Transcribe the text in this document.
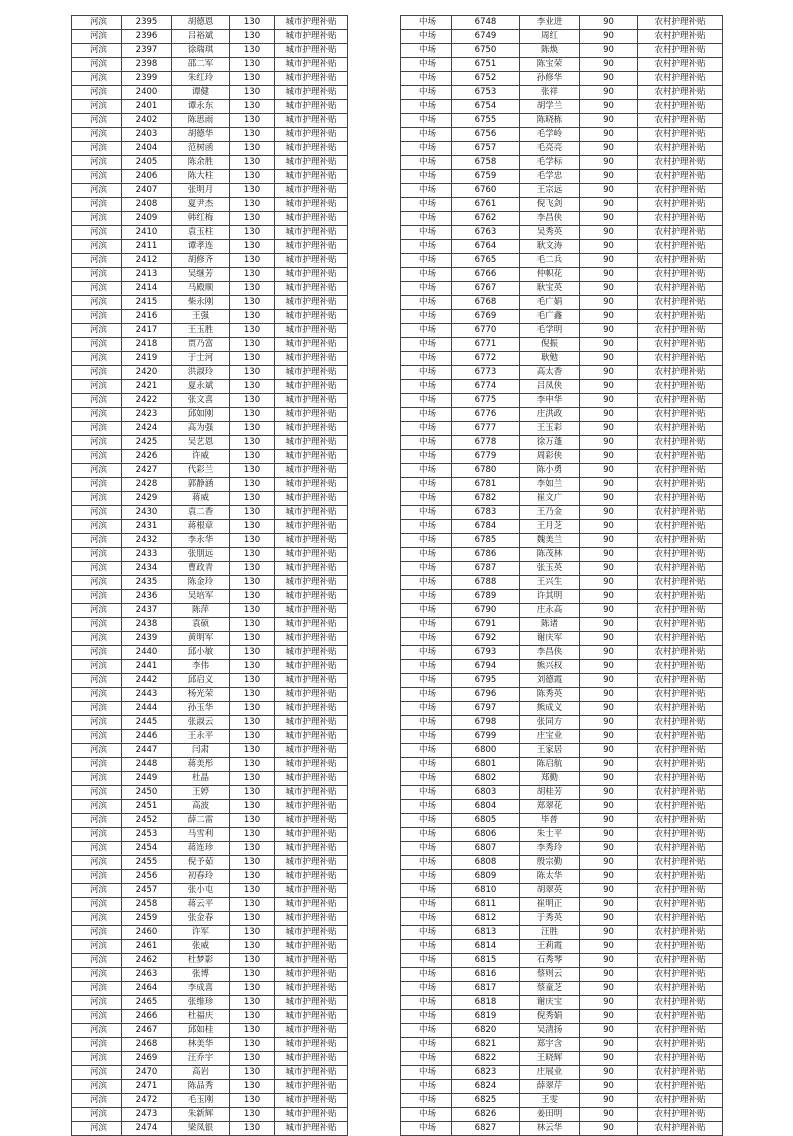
河滨	2395	胡德恩	130	城市护理补贴
河滨	2396	吕裕斌	130	城市护理补贴
河滨	2397	徐瑞琪	130	城市护理补贴
河滨	2398	邵二军	130	城市护理补贴
河滨	2399	朱红玲	130	城市护理补贴
河滨	2400	谭健	130	城市护理补贴
河滨	2401	谭永东	130	城市护理补贴
河滨	2402	陈思雨	130	城市护理补贴
河滨	2403	胡德华	130	城市护理补贴
河滨	2404	范树函	130	城市护理补贴
河滨	2405	陈余胜	130	城市护理补贴
河滨	2406	陈大柱	130	城市护理补贴
河滨	2407	张明月	130	城市护理补贴
河滨	2408	夏尹杰	130	城市护理补贴
河滨	2409	韩红梅	130	城市护理补贴
河滨	2410	袁玉柱	130	城市护理补贴
河滨	2411	谭孝连	130	城市护理补贴
河滨	2412	胡修齐	130	城市护理补贴
河滨	2413	吴继芳	130	城市护理补贴
河滨	2414	马殿顺	130	城市护理补贴
河滨	2415	柴永刚	130	城市护理补贴
河滨	2416	王强	130	城市护理补贴
河滨	2417	王玉胜	130	城市护理补贴
河滨	2418	贾乃富	130	城市护理补贴
河滨	2419	于士河	130	城市护理补贴
河滨	2420	洪淑玲	130	城市护理补贴
河滨	2421	夏永斌	130	城市护理补贴
河滨	2422	张文喜	130	城市护理补贴
河滨	2423	邱如刚	130	城市护理补贴
河滨	2424	高为强	130	城市护理补贴
河滨	2425	吴艺恩	130	城市护理补贴
河滨	2426	许威	130	城市护理补贴
河滨	2427	代彩兰	130	城市护理补贴
河滨	2428	郭静涵	130	城市护理补贴
河滨	2429	蒋威	130	城市护理补贴
河滨	2430	袁二香	130	城市护理补贴
河滨	2431	蒋根章	130	城市护理补贴
河滨	2432	李永华	130	城市护理补贴
河滨	2433	张朋远	130	城市护理补贴
河滨	2434	曹政青	130	城市护理补贴
河滨	2435	陈金玲	130	城市护理补贴
河滨	2436	吴培军	130	城市护理补贴
河滨	2437	陈萍	130	城市护理补贴
河滨	2438	袁硕	130	城市护理补贴
河滨	2439	黄明军	130	城市护理补贴
河滨	2440	邱小敏	130	城市护理补贴
河滨	2441	李伟	130	城市护理补贴
河滨	2442	邱启义	130	城市护理补贴
河滨	2443	杨光荣	130	城市护理补贴
河滨	2444	孙玉华	130	城市护理补贴
河滨	2445	张淑云	130	城市护理补贴
河滨	2446	王永平	130	城市护理补贴
河滨	2447	闫肃	130	城市护理补贴
河滨	2448	蒋美彤	130	城市护理补贴
河滨	2449	杜晶	130	城市护理补贴
河滨	2450	王婷	130	城市护理补贴
河滨	2451	高波	130	城市护理补贴
河滨	2452	薛二雷	130	城市护理补贴
河滨	2453	马雪利	130	城市护理补贴
河滨	2454	蒋连珍	130	城市护理补贴
河滨	2455	倪予茹	130	城市护理补贴
河滨	2456	初春玲	130	城市护理补贴
河滨	2457	张小屯	130	城市护理补贴
河滨	2458	蒋云平	130	城市护理补贴
河滨	2459	张金春	130	城市护理补贴
河滨	2460	许军	130	城市护理补贴
河滨	2461	张威	130	城市护理补贴
河滨	2462	杜梦影	130	城市护理补贴
河滨	2463	张博	130	城市护理补贴
河滨	2464	李成喜	130	城市护理补贴
河滨	2465	张维珍	130	城市护理补贴
河滨	2466	杜福庆	130	城市护理补贴
河滨	2467	邱如桂	130	城市护理补贴
河滨	2468	林美华	130	城市护理补贴
河滨	2469	汪乔宇	130	城市护理补贴
河滨	2470	高岩	130	城市护理补贴
河滨	2471	陈品秀	130	城市护理补贴
河滨	2472	毛玉刚	130	城市护理补贴
河滨	2473	朱新辉	130	城市护理补贴
河滨	2474	梁凤银	130	城市护理补贴
中场	6748	李业进	90	农村护理补贴
中场	6749	周红	90	农村护理补贴
中场	6750	陈焕	90	农村护理补贴
中场	6751	陈宝荣	90	农村护理补贴
中场	6752	孙修华	90	农村护理补贴
中场	6753	张祥	90	农村护理补贴
中场	6754	胡学兰	90	农村护理补贴
中场	6755	陈晓栋	90	农村护理补贴
中场	6756	毛学岭	90	农村护理补贴
中场	6757	毛亮亮	90	农村护理补贴
中场	6758	毛学标	90	农村护理补贴
中场	6759	毛学忠	90	农村护理补贴
中场	6760	王宗远	90	农村护理补贴
中场	6761	倪飞剑	90	农村护理补贴
中场	6762	李昌侠	90	农村护理补贴
中场	6763	吴秀英	90	农村护理补贴
中场	6764	耿文涛	90	农村护理补贴
中场	6765	毛二兵	90	农村护理补贴
中场	6766	仲帜花	90	农村护理补贴
中场	6767	耿宝英	90	农村护理补贴
中场	6768	毛广娟	90	农村护理补贴
中场	6769	毛广鑫	90	农村护理补贴
中场	6770	毛学明	90	农村护理补贴
中场	6771	倪振	90	农村护理补贴
中场	6772	耿勉	90	农村护理补贴
中场	6773	高太香	90	农村护理补贴
中场	6774	吕凤侠	90	农村护理补贴
中场	6775	李申华	90	农村护理补贴
中场	6776	庄洪政	90	农村护理补贴
中场	6777	王玉彩	90	农村护理补贴
中场	6778	徐万蓬	90	农村护理补贴
中场	6779	周彩侠	90	农村护理补贴
中场	6780	陈小勇	90	农村护理补贴
中场	6781	李如兰	90	农村护理补贴
中场	6782	崔文广	90	农村护理补贴
中场	6783	王乃金	90	农村护理补贴
中场	6784	王月芝	90	农村护理补贴
中场	6785	魏美兰	90	农村护理补贴
中场	6786	陈茂林	90	农村护理补贴
中场	6787	张玉英	90	农村护理补贴
中场	6788	王兴生	90	农村护理补贴
中场	6789	许其明	90	农村护理补贴
中场	6790	庄永高	90	农村护理补贴
中场	6791	陈诸	90	农村护理补贴
中场	6792	谢庆军	90	农村护理补贴
中场	6793	李昌侠	90	农村护理补贴
中场	6794	熊兴权	90	农村护理补贴
中场	6795	刘德霞	90	农村护理补贴
中场	6796	陈秀英	90	农村护理补贴
中场	6797	熊成义	90	农村护理补贴
中场	6798	张同方	90	农村护理补贴
中场	6799	庄宝业	90	农村护理补贴
中场	6800	王家居	90	农村护理补贴
中场	6801	陈启航	90	农村护理补贴
中场	6802	郑勤	90	农村护理补贴
中场	6803	胡桂芳	90	农村护理补贴
中场	6804	郑翠花	90	农村护理补贴
中场	6805	毕普	90	农村护理补贴
中场	6806	朱士平	90	农村护理补贴
中场	6807	李秀玲	90	农村护理补贴
中场	6808	殷宗勤	90	农村护理补贴
中场	6809	陈太华	90	农村护理补贴
中场	6810	胡翠英	90	农村护理补贴
中场	6811	崔明正	90	农村护理补贴
中场	6812	于秀英	90	农村护理补贴
中场	6813	汪胜	90	农村护理补贴
中场	6814	王莉霞	90	农村护理补贴
中场	6815	石秀琴	90	农村护理补贴
中场	6816	蔡则云	90	农村护理补贴
中场	6817	蔡童芝	90	农村护理补贴
中场	6818	谢庆宝	90	农村护理补贴
中场	6819	倪秀娟	90	农村护理补贴
中场	6820	吴清扬	90	农村护理补贴
中场	6821	郑宇含	90	农村护理补贴
中场	6822	王晓辉	90	农村护理补贴
中场	6823	庄展业	90	农村护理补贴
中场	6824	薛翠芹	90	农村护理补贴
中场	6825	王雯	90	农村护理补贴
中场	6826	姜田明	90	农村护理补贴
中场	6827	林云华	90	农村护理补贴
